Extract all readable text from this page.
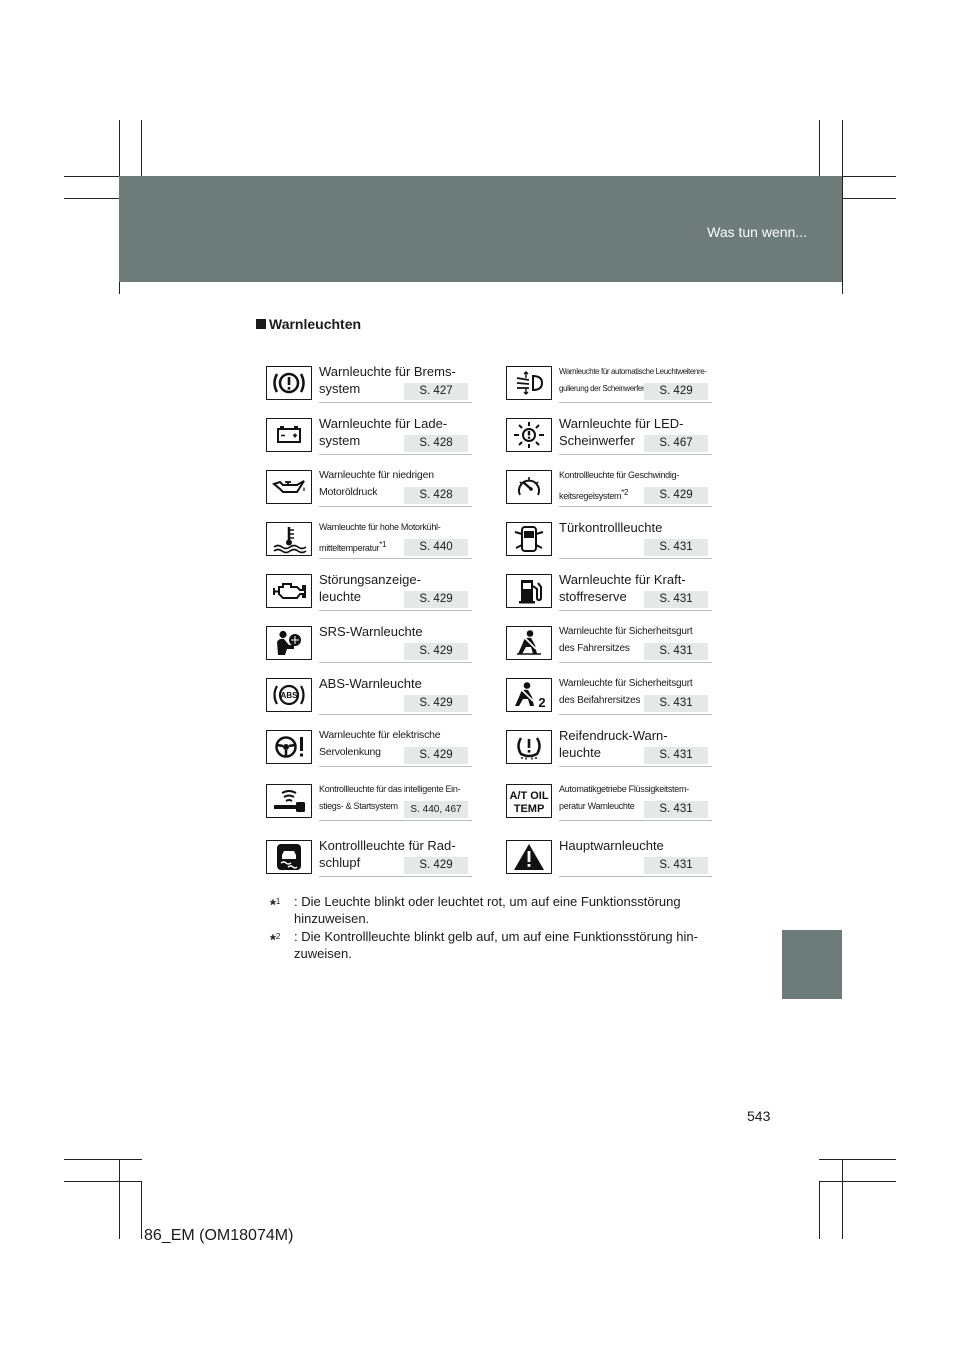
Was tun wenn...
Warnleuchten
Warnleuchte für Brems-
system	S. 427
Warnleuchte für Lade-
system	S. 428
Warnleuchte für niedrigen
Motoröldruck	S. 428
Warnleuchte für hohe Motorkühl-
mitteltemperatur$^{*1}$	S. 440
Störungsanzeige-
leuchte	S. 429
SRS-Warnleuchte
S. 429
ABS
ABS-Warnleuchte
S. 429
Warnleuchte für elektrische
Servolenkung	S. 429
Kontrollleuchte für das intelligente Ein-
stiegs- & Startsystem	S. 440, 467
Kontrollleuchte für Rad-
schlupf	S. 429
Warnleuchte für automatische Leuchtweitenre-
gulierung der Scheinwerfer	S. 429
Warnleuchte für LED-
Scheinwerfer	S. 467
Kontrollleuchte für Geschwindig-
keitsregelsystem$^{*2}$	S. 429
Türkontrollleuchte
S. 431
Warnleuchte für Kraft-
stoffreserve	S. 431
Warnleuchte für Sicherheitsgurt
des Fahrersitzes	S. 431
2
Warnleuchte für Sicherheitsgurt
des Beifahrersitzes	S. 431
Reifendruck-Warn-
leuchte	S. 431
A/T OIL
TEMP
Automatikgetriebe Flüssigkeitstem-
peratur Warnleuchte	S. 431
Hauptwarnleuchte
S. 431
*$^1$ : Die Leuchte blinkt oder leuchtet rot, um auf eine Funktionsstörung hinzuweisen.
*$^2$ : Die Kontrollleuchte blinkt gelb auf, um auf eine Funktionsstörung hin-zuweisen.
543
86_EM (OM18074M)
